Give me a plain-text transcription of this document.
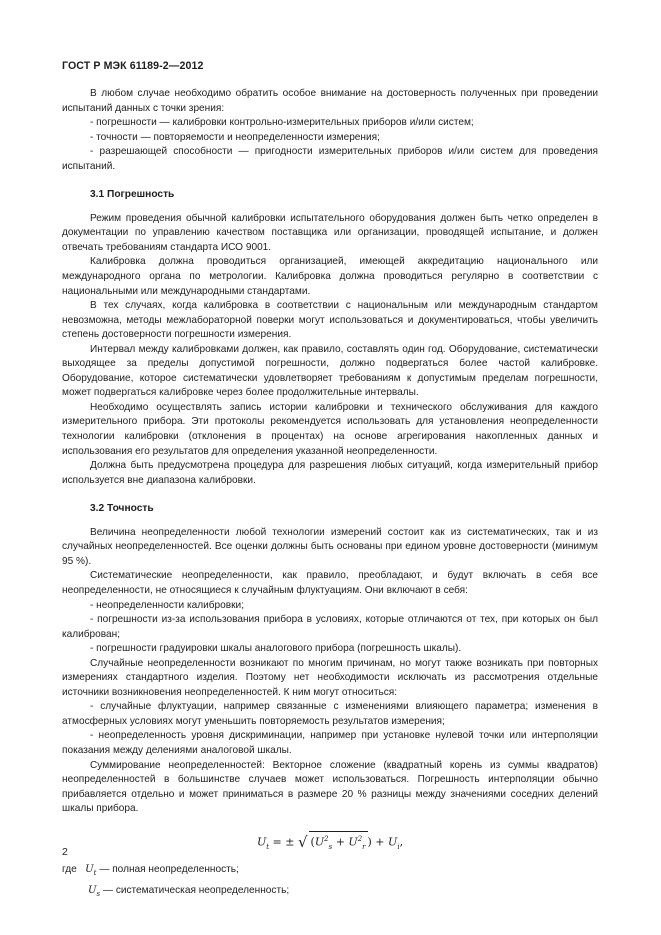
ГОСТ Р МЭК 61189-2—2012

В любом случае необходимо обратить особое внимание на достоверность полученных при проведении испытаний данных с точки зрения:

- погрешности — калибровки контрольно-измерительных приборов и/или систем;

- точности — повторяемости и неопределенности измерения;

- разрешающей способности — пригодности измерительных приборов и/или систем для проведения испытаний.

3.1 Погрешность

Режим проведения обычной калибровки испытательного оборудования должен быть четко определен в документации по управлению качеством поставщика или организации, проводящей испытание, и должен отвечать требованиям стандарта ИСО 9001.

Калибровка должна проводиться организацией, имеющей аккредитацию национального или международного органа по метрологии. Калибровка должна проводиться регулярно в соответствии с национальными или международными стандартами.

В тех случаях, когда калибровка в соответствии с национальным или международным стандартом невозможна, методы межлабораторной поверки могут использоваться и документироваться, чтобы увеличить степень достоверности погрешности измерения.

Интервал между калибровками должен, как правило, составлять один год. Оборудование, систематически выходящее за пределы допустимой погрешности, должно подвергаться более частой калибровке. Оборудование, которое систематически удовлетворяет требованиям к допустимым пределам погрешности, может подвергаться калибровке через более продолжительные интервалы.

Необходимо осуществлять запись истории калибровки и технического обслуживания для каждого измерительного прибора. Эти протоколы рекомендуется использовать для установления неопределенности технологии калибровки (отклонения в процентах) на основе агрегирования накопленных данных и использования его результатов для определения указанной неопределенности.

Должна быть предусмотрена процедура для разрешения любых ситуаций, когда измерительный прибор используется вне диапазона калибровки.

3.2 Точность

Величина неопределенности любой технологии измерений состоит как из систематических, так и из случайных неопределенностей. Все оценки должны быть основаны при едином уровне достоверности (минимум 95 %).

Систематические неопределенности, как правило, преобладают, и будут включать в себя все неопределенности, не относящиеся к случайным флуктуациям. Они включают в себя:

- неопределенности калибровки;

- погрешности из-за использования прибора в условиях, которые отличаются от тех, при которых он был калиброван;

- погрешности градуировки шкалы аналогового прибора (погрешность шкалы).

Случайные неопределенности возникают по многим причинам, но могут также возникать при повторных измерениях стандартного изделия. Поэтому нет необходимости исключать из рассмотрения отдельные источники возникновения неопределенностей. К ним могут относиться:

- случайные флуктуации, например связанные с изменениями влияющего параметра; изменения в атмосферных условиях могут уменьшить повторяемость результатов измерения;

- неопределенность уровня дискриминации, например при установке нулевой точки или интерполяции показания между делениями аналоговой шкалы.

Суммирование неопределенностей: Векторное сложение (квадратный корень из суммы квадратов) неопределенностей в большинстве случаев может использоваться. Погрешность интерполяции обычно прибавляется отдельно и может приниматься в размере 20 % разницы между значениями соседних делений шкалы прибора.

$U_t$ = ± √ ($U^2_s + U^2_r$ ) + $U_i$,
где $U_t$ — полная неопределенность;
$U_s$ — систематическая неопределенность;
2
